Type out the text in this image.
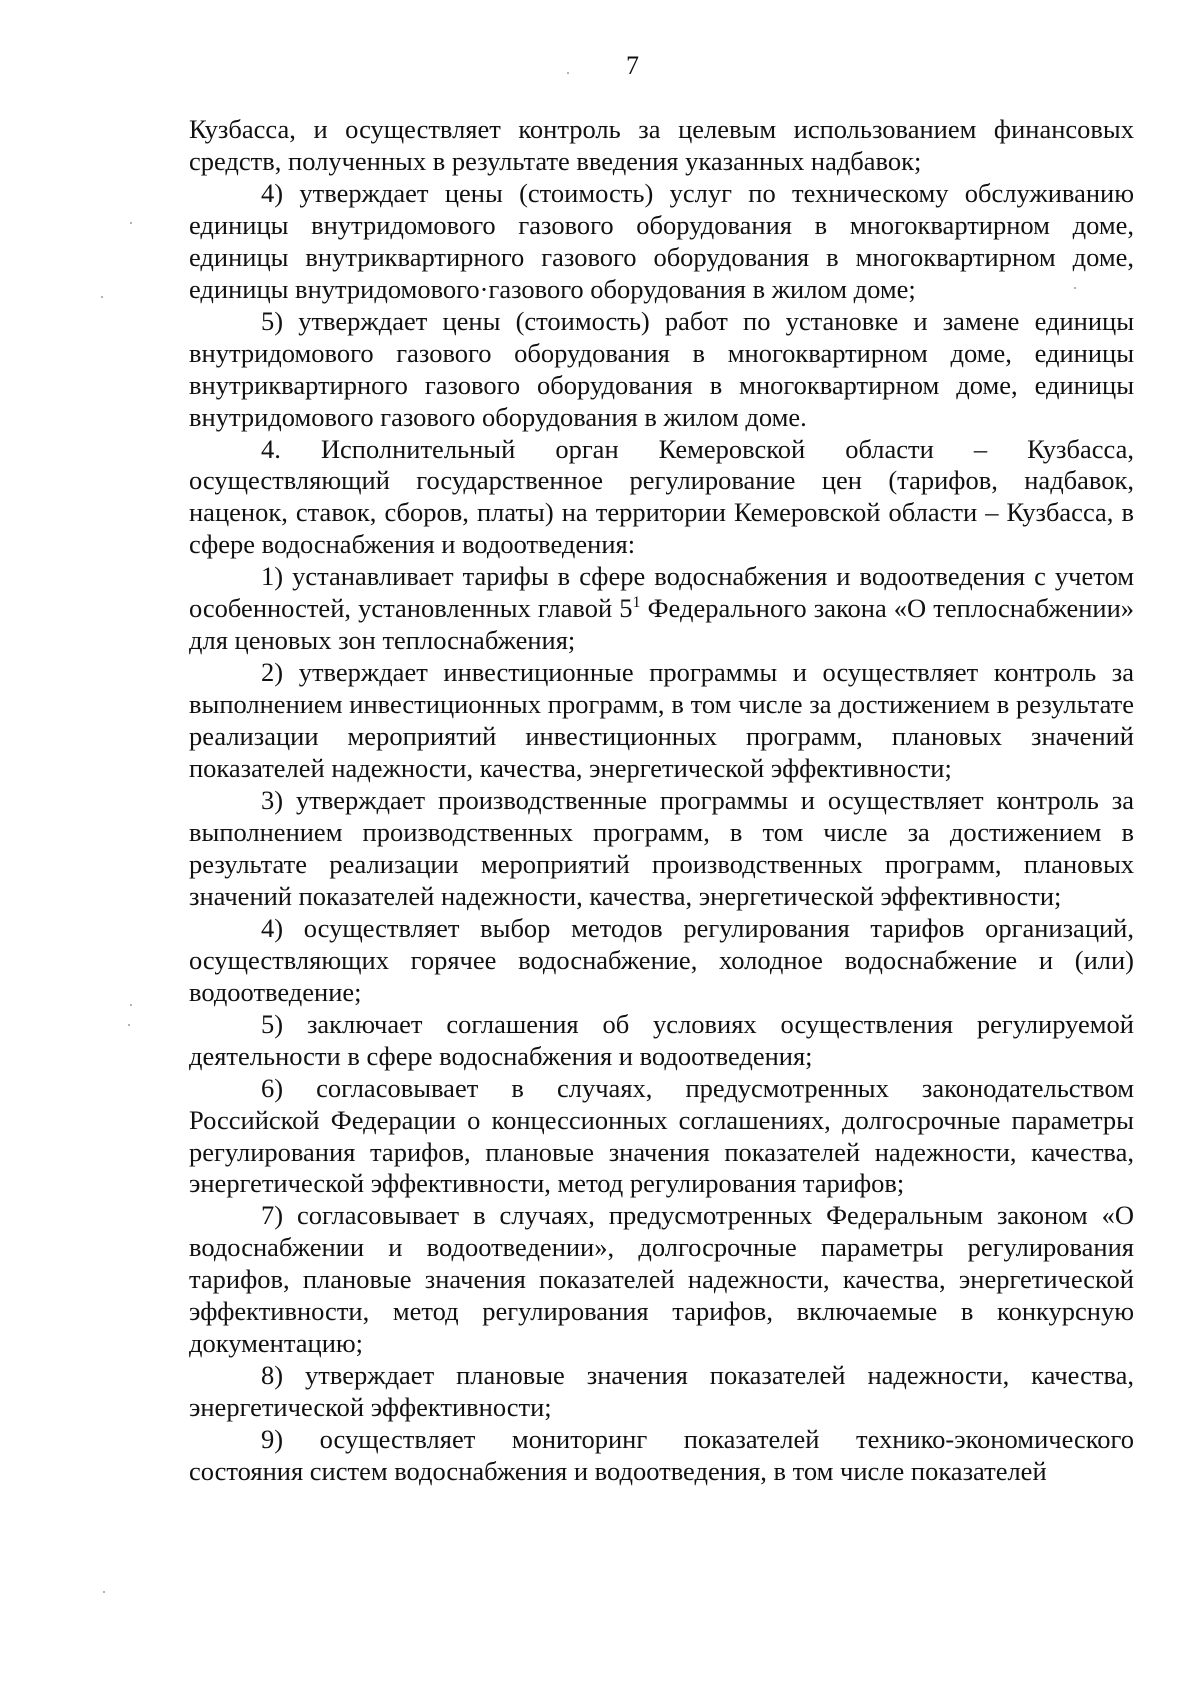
7

Кузбасса, и осуществляет контроль за целевым использованием финансовых средств, полученных в результате введения указанных надбавок;

4) утверждает цены (стоимость) услуг по техническому обслуживанию единицы внутридомового газового оборудования в многоквартирном доме, единицы внутриквартирного газового оборудования в многоквартирном доме, единицы внутридомового·газового оборудования в жилом доме;

5) утверждает цены (стоимость) работ по установке и замене единицы внутридомового газового оборудования в многоквартирном доме, единицы внутриквартирного газового оборудования в многоквартирном доме, единицы внутридомового газового оборудования в жилом доме.

4. Исполнительный орган Кемеровской области – Кузбасса, осуществляющий государственное регулирование цен (тарифов, надбавок, наценок, ставок, сборов, платы) на территории Кемеровской области – Кузбасса, в сфере водоснабжения и водоотведения:

1) устанавливает тарифы в сфере водоснабжения и водоотведения с учетом особенностей, установленных главой $5^1$ Федерального закона «О теплоснабжении» для ценовых зон теплоснабжения;

2) утверждает инвестиционные программы и осуществляет контроль за выполнением инвестиционных программ, в том числе за достижением в результате реализации мероприятий инвестиционных программ, плановых значений показателей надежности, качества, энергетической эффективности;

3) утверждает производственные программы и осуществляет контроль за выполнением производственных программ, в том числе за достижением в результате реализации мероприятий производственных программ, плановых значений показателей надежности, качества, энергетической эффективности;

4) осуществляет выбор методов регулирования тарифов организаций, осуществляющих горячее водоснабжение, холодное водоснабжение и (или) водоотведение;

5) заключает соглашения об условиях осуществления регулируемой деятельности в сфере водоснабжения и водоотведения;

6) согласовывает в случаях, предусмотренных законодательством Российской Федерации о концессионных соглашениях, долгосрочные параметры регулирования тарифов, плановые значения показателей надежности, качества, энергетической эффективности, метод регулирования тарифов;

7) согласовывает в случаях, предусмотренных Федеральным законом «О водоснабжении и водоотведении», долгосрочные параметры регулирования тарифов, плановые значения показателей надежности, качества, энергетической эффективности, метод регулирования тарифов, включаемые в конкурсную документацию;

8) утверждает плановые значения показателей надежности, качества, энергетической эффективности;

9) осуществляет мониторинг показателей технико-экономического состояния систем водоснабжения и водоотведения, в том числе показателей
